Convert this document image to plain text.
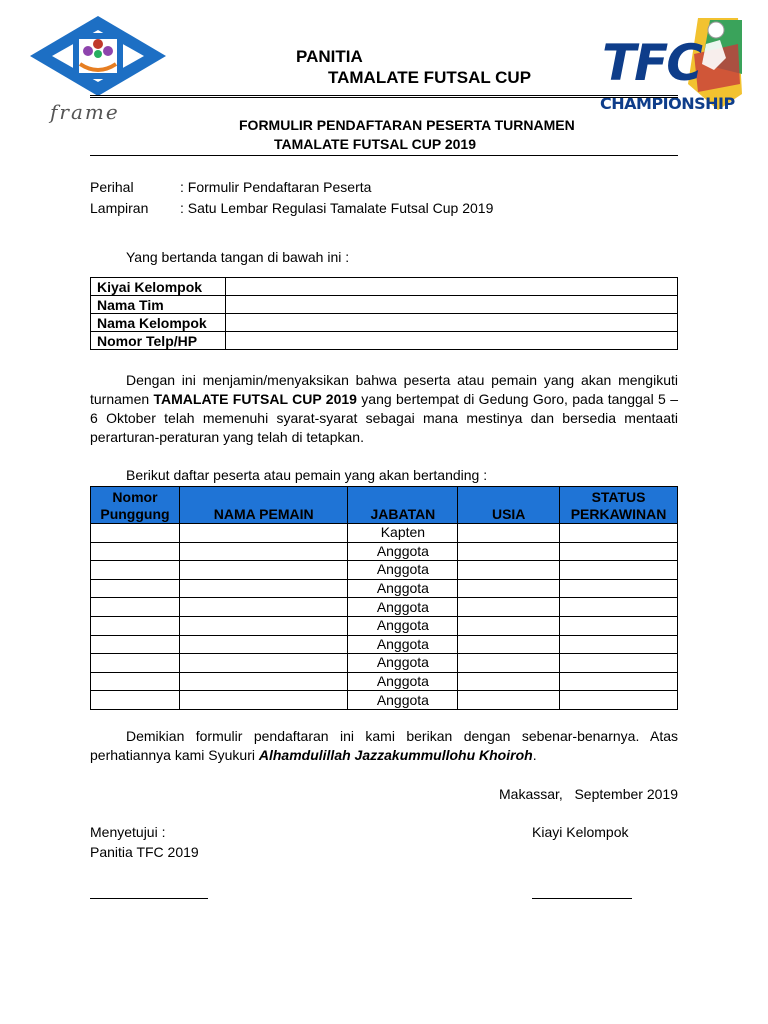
frame
PANITIA
TAMALATE FUTSAL CUP TFC
CHAMPIONSHIP
FORMULIR PENDAFTARAN PESERTA TURNAMEN
TAMALATE FUTSAL CUP 2019
Perihal	: Formulir Pendaftaran Peserta
Lampiran : Satu Lembar Regulasi Tamalate Futsal Cup 2019
Yang bertanda tangan di bawah ini :
Kiyai Kelompok	
Nama Tim	
Nama Kelompok	
Nomor Telp/HP	
Dengan ini menjamin/menyaksikan bahwa peserta atau pemain yang akan mengikuti turnamen TAMALATE FUTSAL CUP 2019 yang bertempat di Gedung Goro, pada tanggal 5 – 6 Oktober telah memenuhi syarat-syarat sebagai mana mestinya dan bersedia mentaati perarturan-peraturan yang telah di tetapkan.
Berikut daftar peserta atau pemain yang akan bertanding :
Nomor Punggung	NAMA PEMAIN	JABATAN	USIA	STATUS PERKAWINAN
		Kapten		
		Anggota		
		Anggota		
		Anggota		
		Anggota		
		Anggota		
		Anggota		
		Anggota		
		Anggota		
		Anggota		
Demikian formulir pendaftaran ini kami berikan dengan sebenar-benarnya. Atas perhatiannya kami Syukuri Alhamdulillah Jazzakummullohu Khoiroh.
Makassar,   September 2019
Menyetujui :
Panitia TFC 2019
Kiayi Kelompok
